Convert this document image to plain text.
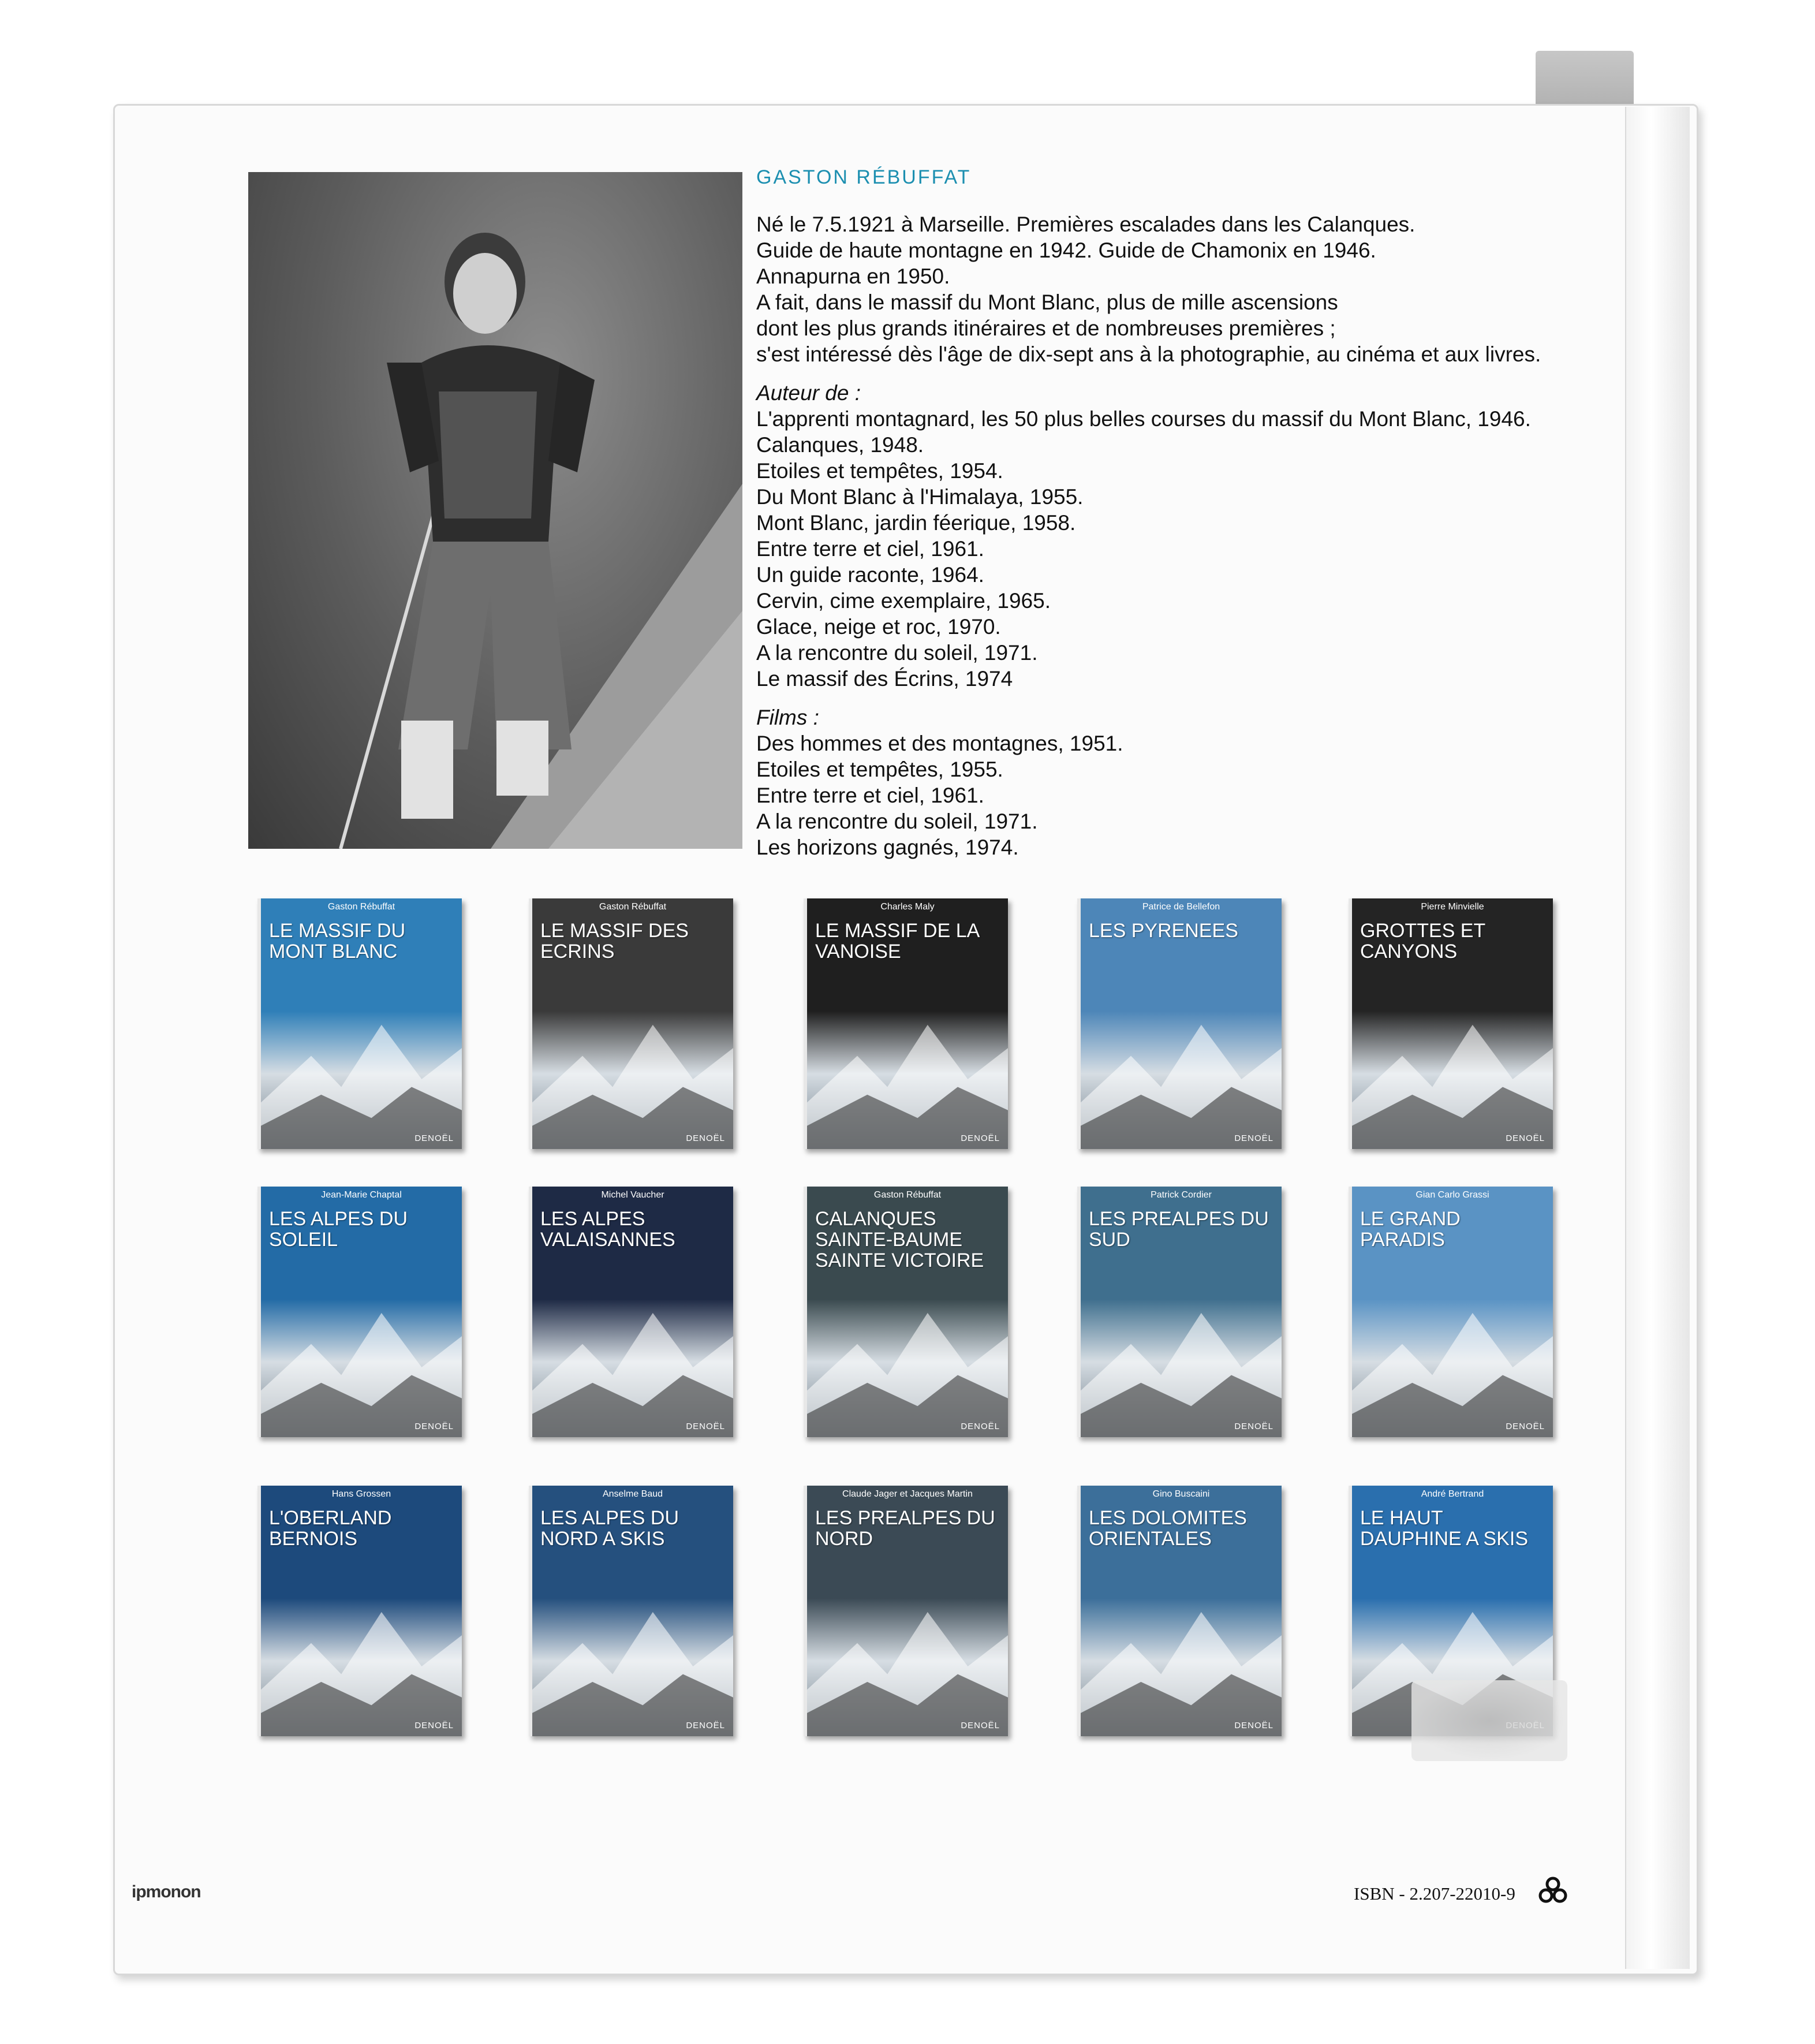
GASTON RÉBUFFAT
Né le 7.5.1921 à Marseille. Premières escalades dans les Calanques.
Guide de haute montagne en 1942. Guide de Chamonix en 1946.
Annapurna en 1950.
A fait, dans le massif du Mont Blanc, plus de mille ascensions
dont les plus grands itinéraires et de nombreuses premières ;
s'est intéressé dès l'âge de dix-sept ans à la photographie, au cinéma et aux livres.
Auteur de :
L'apprenti montagnard, les 50 plus belles courses du massif du Mont Blanc, 1946.
Calanques, 1948.
Etoiles et tempêtes, 1954.
Du Mont Blanc à l'Himalaya, 1955.
Mont Blanc, jardin féerique, 1958.
Entre terre et ciel, 1961.
Un guide raconte, 1964.
Cervin, cime exemplaire, 1965.
Glace, neige et roc, 1970.
A la rencontre du soleil, 1971.
Le massif des Écrins, 1974
Films :
Des hommes et des montagnes, 1951.
Etoiles et tempêtes, 1955.
Entre terre et ciel, 1961.
A la rencontre du soleil, 1971.
Les horizons gagnés, 1974.
Gaston Rébuffat
LE MASSIF DU MONT BLANC
DENOËL
Gaston Rébuffat
LE MASSIF DES ECRINS
DENOËL
Charles Maly
LE MASSIF DE LA VANOISE
DENOËL
Patrice de Bellefon
LES PYRENEES
DENOËL
Pierre Minvielle
GROTTES ET CANYONS
DENOËL
Jean-Marie Chaptal
LES ALPES DU SOLEIL
DENOËL
Michel Vaucher
LES ALPES VALAISANNES
DENOËL
Gaston Rébuffat
CALANQUES SAINTE-BAUME SAINTE VICTOIRE
DENOËL
Patrick Cordier
LES PREALPES DU SUD
DENOËL
Gian Carlo Grassi
LE GRAND PARADIS
DENOËL
Hans Grossen
L'OBERLAND BERNOIS
DENOËL
Anselme Baud
LES ALPES DU NORD A SKIS
DENOËL
Claude Jager et Jacques Martin
LES PREALPES DU NORD
DENOËL
Gino Buscaini
LES DOLOMITES ORIENTALES
DENOËL
André Bertrand
LE HAUT DAUPHINE A SKIS
ipmonon	ISBN - 2.207-22010-9
